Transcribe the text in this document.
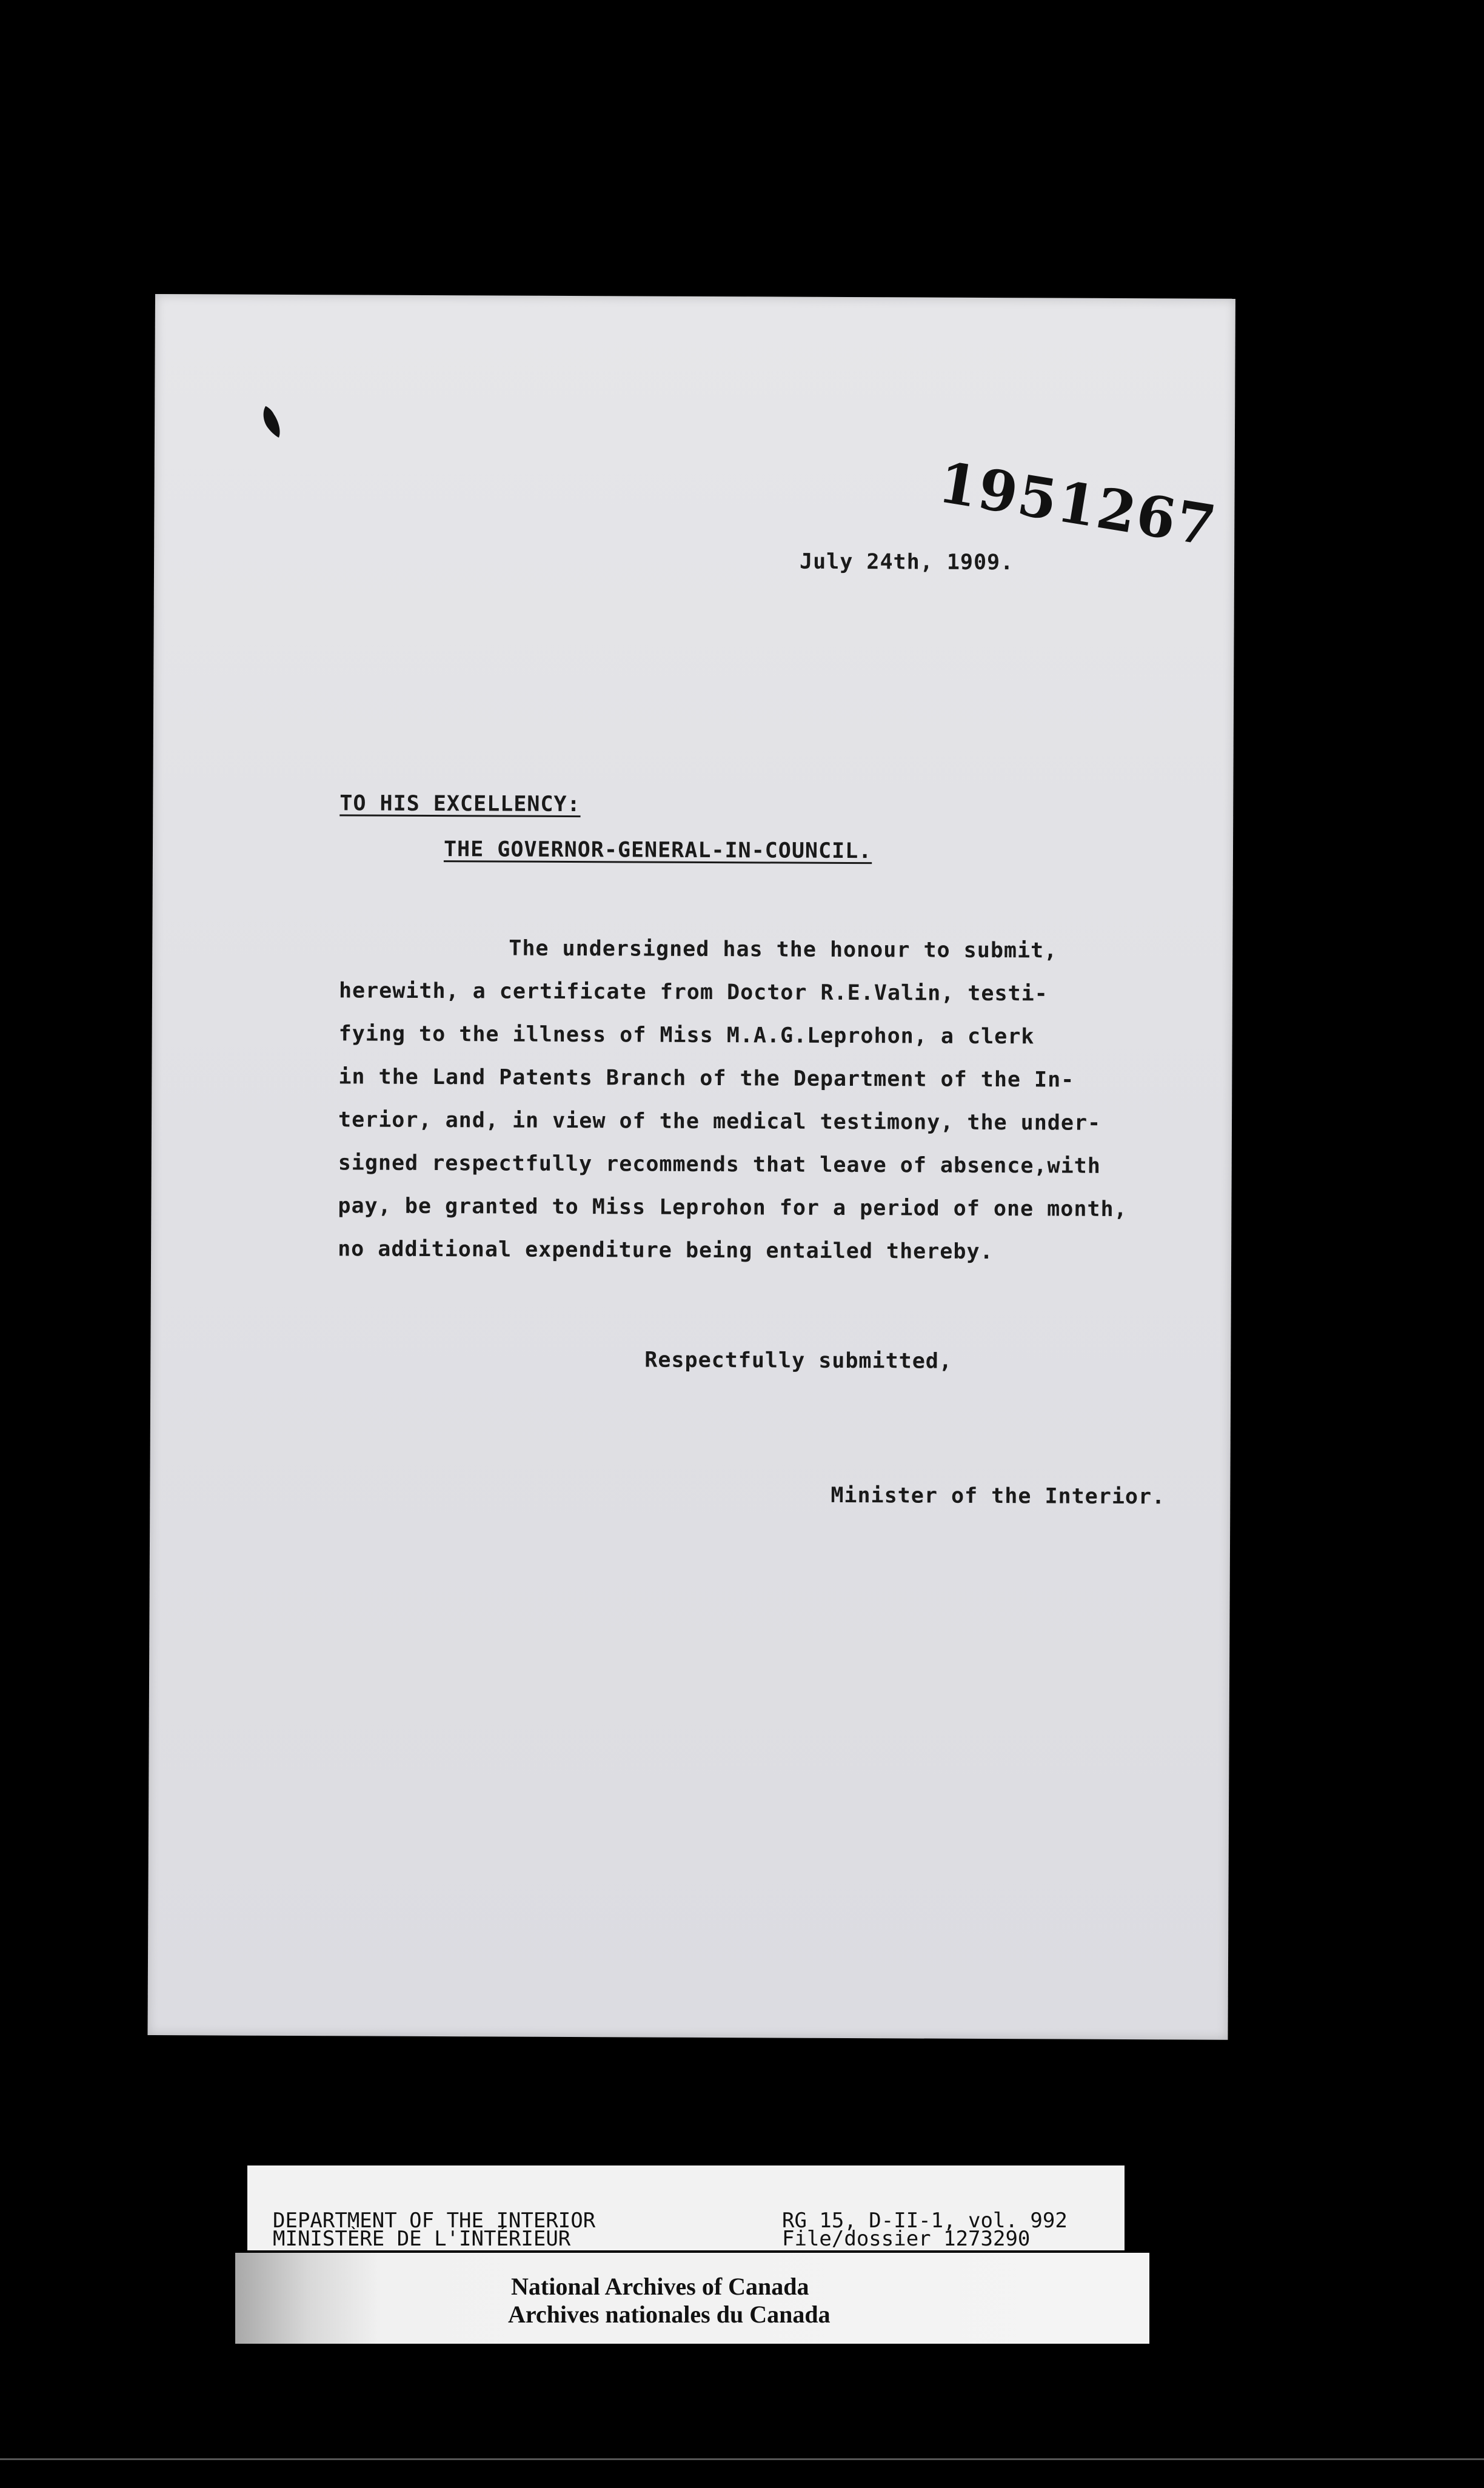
1951267
July 24th, 1909.
TO HIS EXCELLENCY:
THE GOVERNOR-GENERAL-IN-COUNCIL.
The undersigned has the honour to submit,
herewith, a certificate from Doctor R.E.Valin, testi-
fying to the illness of Miss M.A.G.Leprohon, a clerk
in the Land Patents Branch of the Department of the In-
terior, and, in view of the medical testimony, the under-
signed respectfully recommends that leave of absence,with
pay, be granted to Miss Leprohon for a period of one month,
no additional expenditure being entailed thereby.
Respectfully submitted,
Minister of the Interior.
DEPARTMENT OF THE INTERIOR
MINISTÈRE DE L'INTÉRIEUR
RG 15, D-II-1, vol. 992
File/dossier 1273290
National Archives of Canada
Archives nationales du Canada
